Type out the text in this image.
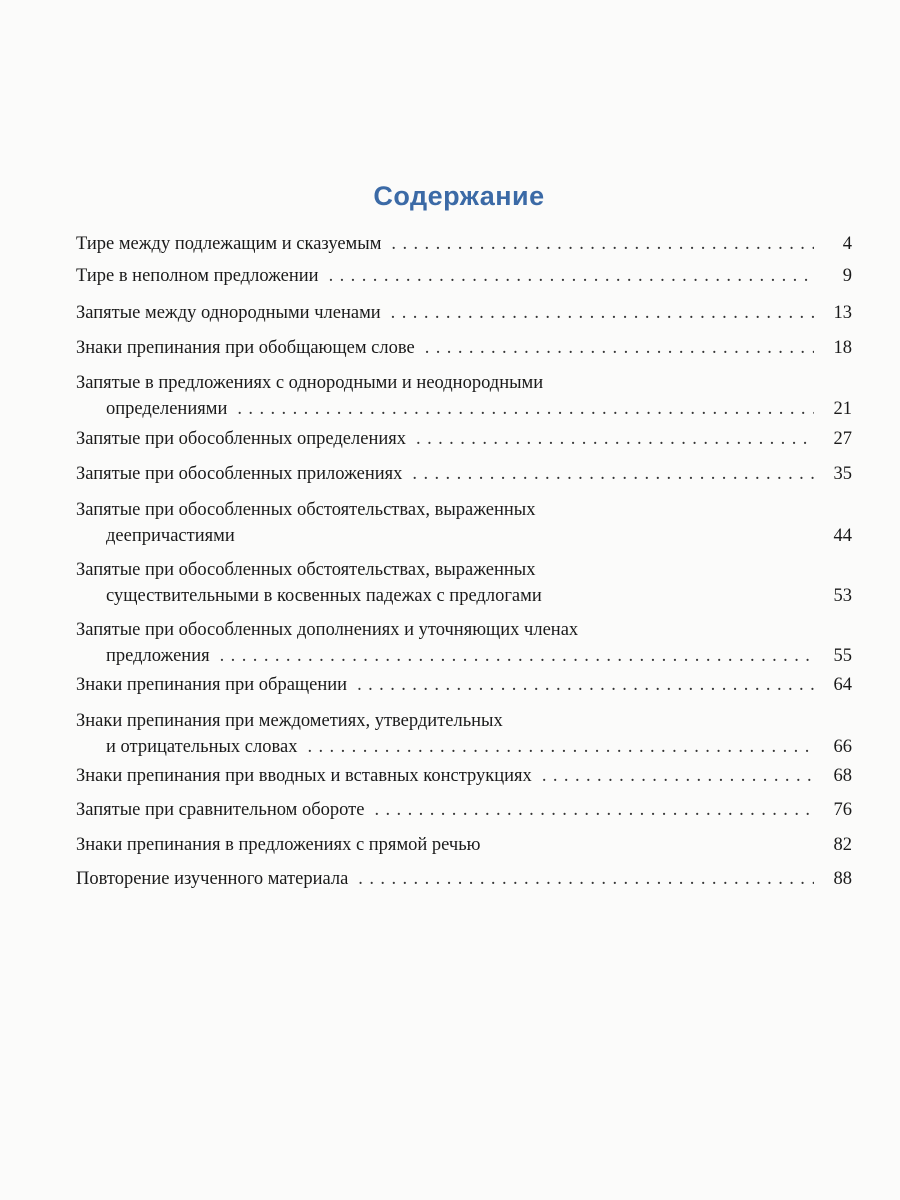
Содержание
Тире между подлежащим и сказуемым . . .	4
Тире в неполном предложении . . .	9
Запятые между однородными членами . . .	13
Знаки препинания при обобщающем слове . . .	18
Запятые в предложениях с однородными и неоднородными
определениями . . .	21
Запятые при обособленных определениях . . .	27
Запятые при обособленных приложениях . . .	35
Запятые при обособленных обстоятельствах, выраженных
деепричастиями	44
Запятые при обособленных обстоятельствах, выраженных
существительными в косвенных падежах с предлогами	53
Запятые при обособленных дополнениях и уточняющих членах
предложения . . .	55
Знаки препинания при обращении . . .	64
Знаки препинания при междометиях, утвердительных
и отрицательных словах . . .	66
Знаки препинания при вводных и вставных конструкциях . . .	68
Запятые при сравнительном обороте . . .	76
Знаки препинания в предложениях с прямой речью	82
Повторение изученного материала . . .	88
